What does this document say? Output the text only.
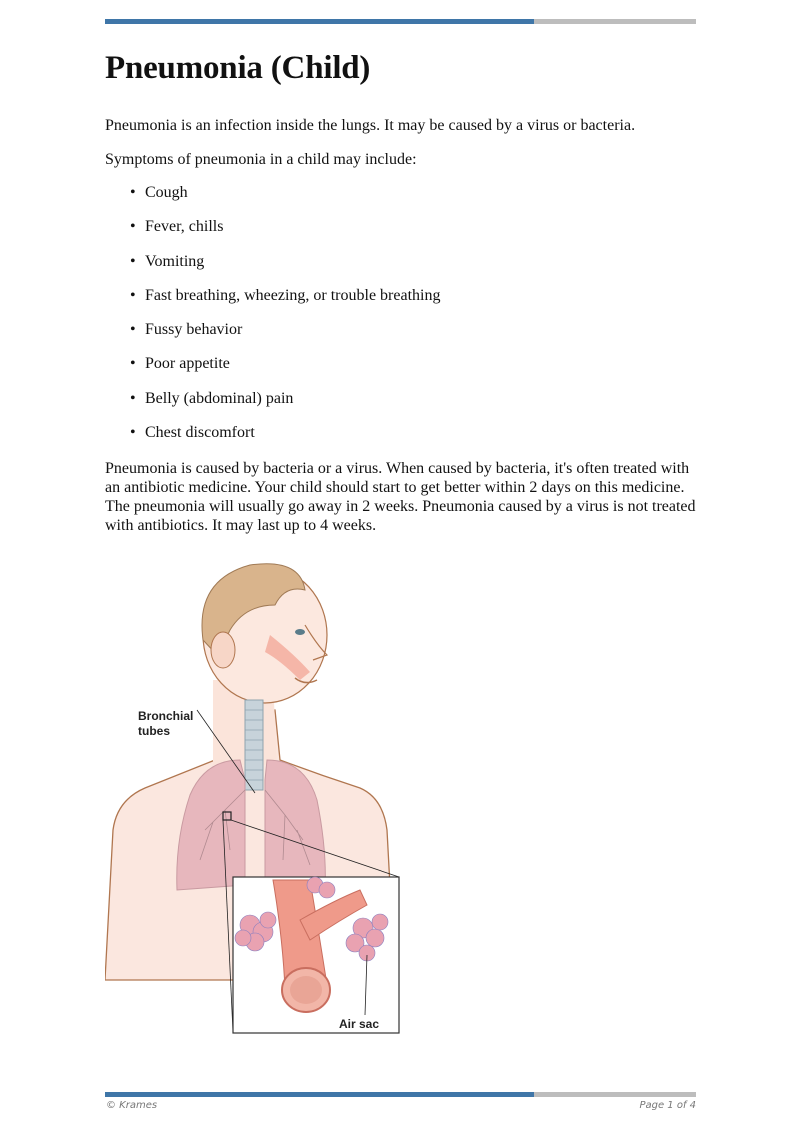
Pneumonia (Child)

Pneumonia is an infection inside the lungs. It may be caused by a virus or bacteria.

Symptoms of pneumonia in a child may include:

• Cough
• Fever, chills
• Vomiting
• Fast breathing, wheezing, or trouble breathing
• Fussy behavior
• Poor appetite
• Belly (abdominal) pain
• Chest discomfort

Pneumonia is caused by bacteria or a virus. When caused by bacteria, it's often treated with an antibiotic medicine. Your child should start to get better within 2 days on this medicine. The pneumonia will usually go away in 2 weeks. Pneumonia caused by a virus is not treated with antibiotics. It may last up to 4 weeks.

Bronchial tubes
Air sac
© Krames	Page 1 of 4
